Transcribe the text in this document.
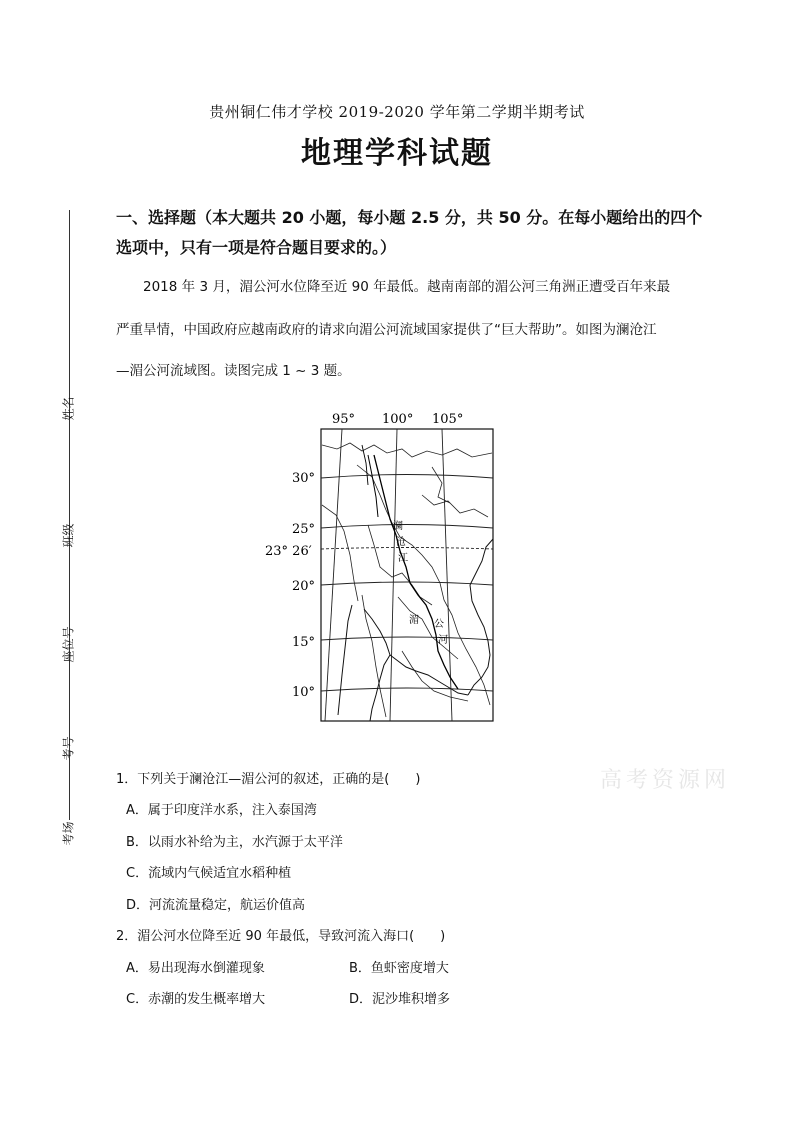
姓名
班级
座位号
考号
考场
贵州铜仁伟才学校 2019-2020 学年第二学期半期考试
地理学科试题
一、选择题（本大题共 20 小题，每小题 2.5 分，共 50 分。在每小题给出的四个
选项中，只有一项是符合题目要求的。）
2018 年 3 月，湄公河水位降至近 90 年最低。越南南部的湄公河三角洲正遭受百年来最
严重旱情，中国政府应越南政府的请求向湄公河流域国家提供了“巨大帮助”。如图为澜沧江
—湄公河流域图。读图完成 1 ~ 3 题。
95° 100° 105°
30°
25°
23° 26′
20°
15°
10°
澜
沧
江
湄 公
河
1．下列关于澜沧江—湄公河的叙述，正确的是(　　)
A．属于印度洋水系，注入泰国湾
B．以雨水补给为主，水汽源于太平洋
C．流域内气候适宜水稻种植
D．河流流量稳定，航运价值高
2．湄公河水位降至近 90 年最低，导致河流入海口(　　)
A．易出现海水倒灌现象	B．鱼虾密度增大
C．赤潮的发生概率增大	D．泥沙堆积增多
高考资源网
